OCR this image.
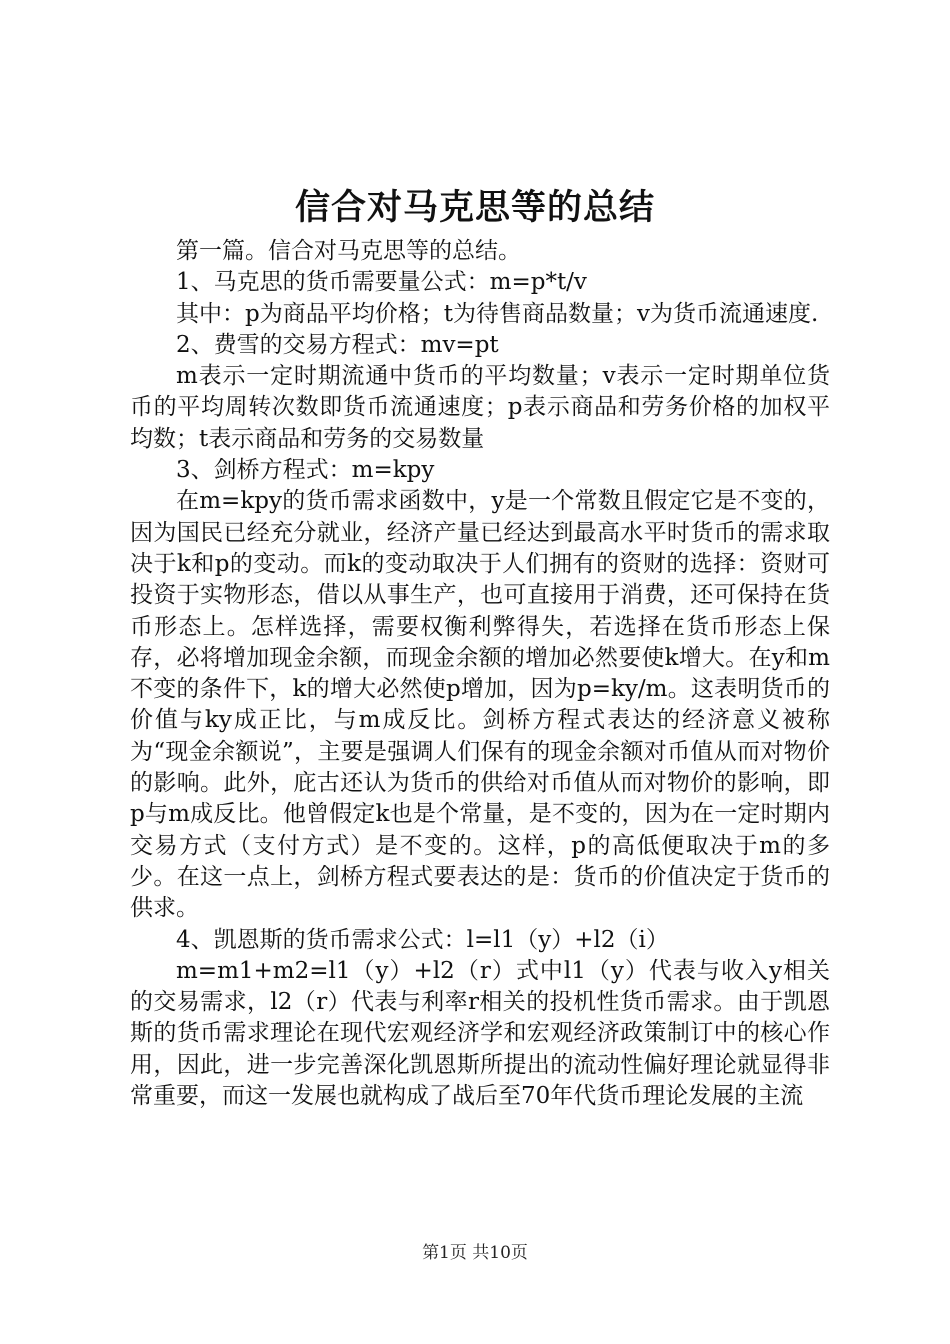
信合对马克思等的总结

第一篇。信合对马克思等的总结。

1、马克思的货币需要量公式：m=p*t/v

其中：p为商品平均价格；t为待售商品数量；v为货币流通速度.

2、费雪的交易方程式：mv=pt

m表示一定时期流通中货币的平均数量；v表示一定时期单位货币的平均周转次数即货币流通速度；p表示商品和劳务价格的加权平均数；t表示商品和劳务的交易数量

3、剑桥方程式：m=kpy

在m=kpy的货币需求函数中，y是一个常数且假定它是不变的，因为国民已经充分就业，经济产量已经达到最高水平时货币的需求取决于k和p的变动。而k的变动取决于人们拥有的资财的选择：资财可投资于实物形态，借以从事生产，也可直接用于消费，还可保持在货币形态上。怎样选择，需要权衡利弊得失，若选择在货币形态上保存，必将增加现金余额，而现金余额的增加必然要使k增大。在y和m不变的条件下，k的增大必然使p增加，因为p=ky/m。这表明货币的价值与ky成正比，与m成反比。剑桥方程式表达的经济意义被称为“现金余额说”，主要是强调人们保有的现金余额对币值从而对物价的影响。此外，庇古还认为货币的供给对币值从而对物价的影响，即p与m成反比。他曾假定k也是个常量，是不变的，因为在一定时期内交易方式（支付方式）是不变的。这样，p的高低便取决于m的多少。在这一点上，剑桥方程式要表达的是：货币的价值决定于货币的供求。

4、凯恩斯的货币需求公式：l=l1（y）+l2（i）

m=m1+m2=l1（y）+l2（r）式中l1（y）代表与收入y相关的交易需求，l2（r）代表与利率r相关的投机性货币需求。由于凯恩斯的货币需求理论在现代宏观经济学和宏观经济政策制订中的核心作用，因此，进一步完善深化凯恩斯所提出的流动性偏好理论就显得非常重要，而这一发展也就构成了战后至70年代货币理论发展的主流

第1页 共10页
